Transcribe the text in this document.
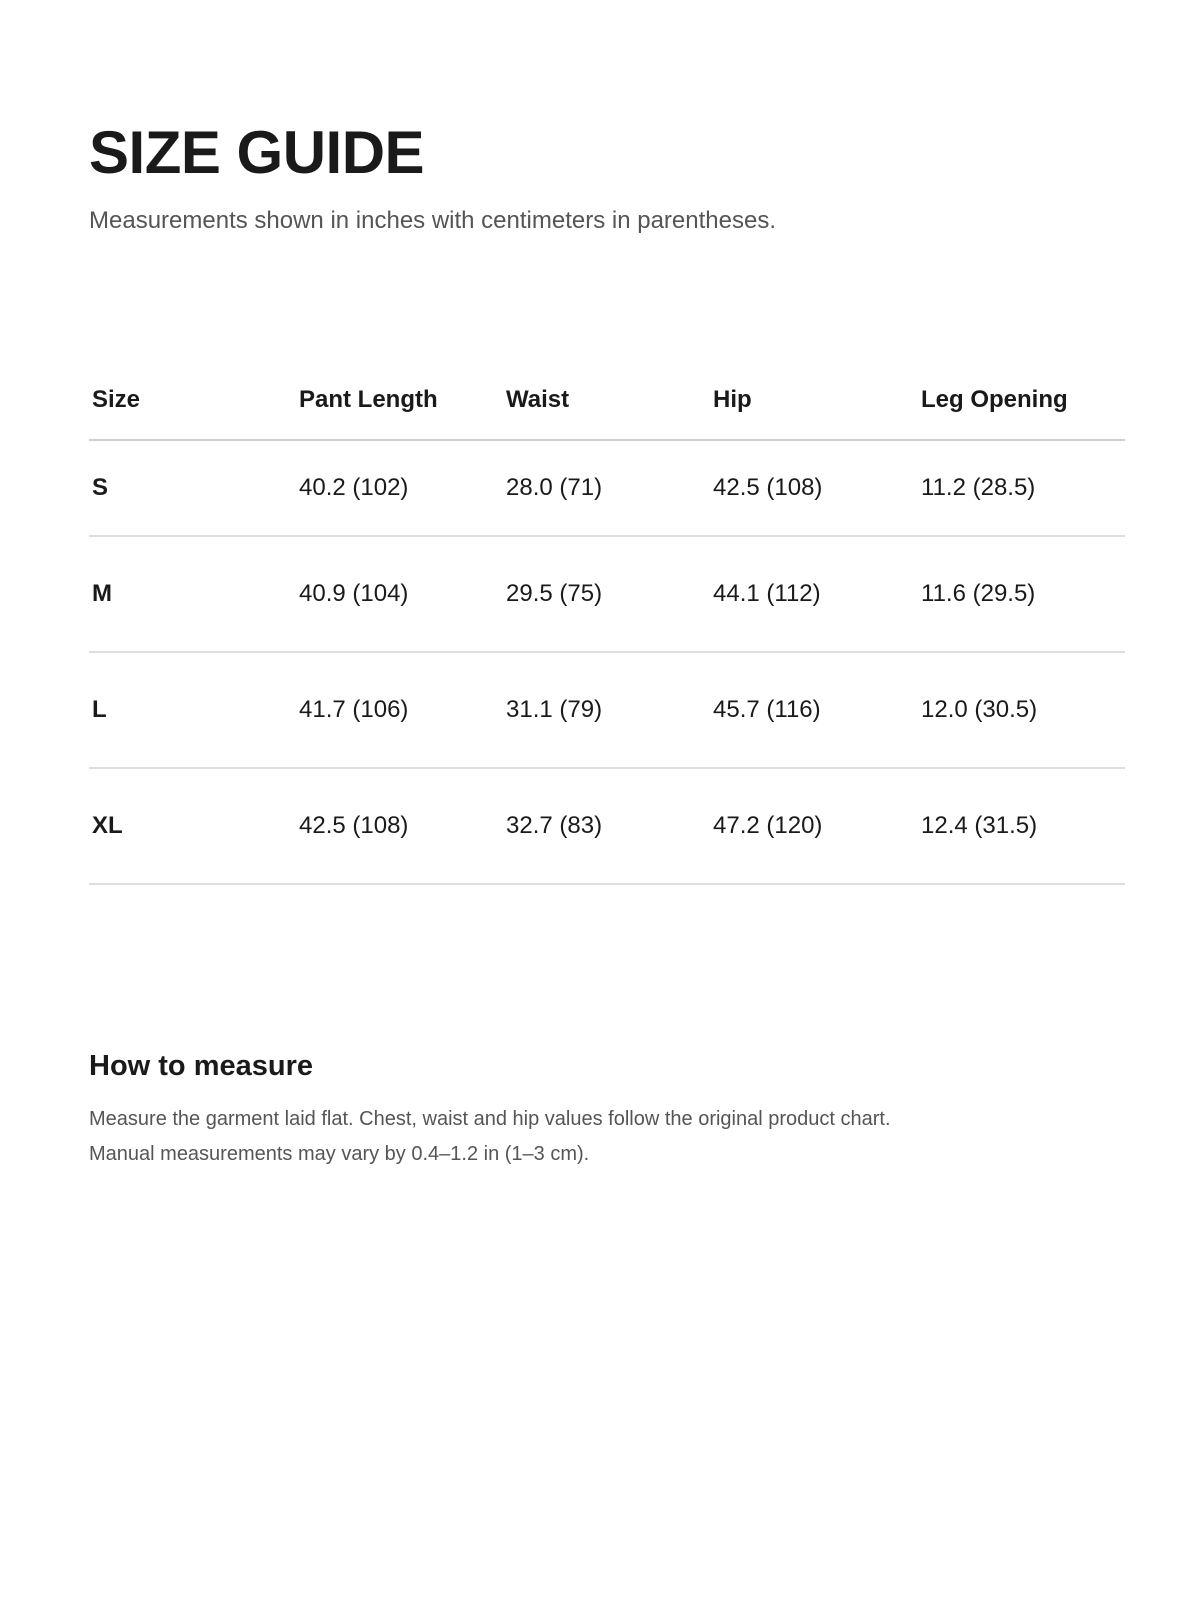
SIZE GUIDE

Measurements shown in inches with centimeters in parentheses.

Size	Pant Length	Waist	Hip	Leg Opening
S	40.2 (102)	28.0 (71)	42.5 (108)	11.2 (28.5)
M	40.9 (104)	29.5 (75)	44.1 (112)	11.6 (29.5)
L	41.7 (106)	31.1 (79)	45.7 (116)	12.0 (30.5)
XL	42.5 (108)	32.7 (83)	47.2 (120)	12.4 (31.5)
How to measure

Measure the garment laid flat. Chest, waist and hip values follow the original product chart.

Manual measurements may vary by 0.4–1.2 in (1–3 cm).
